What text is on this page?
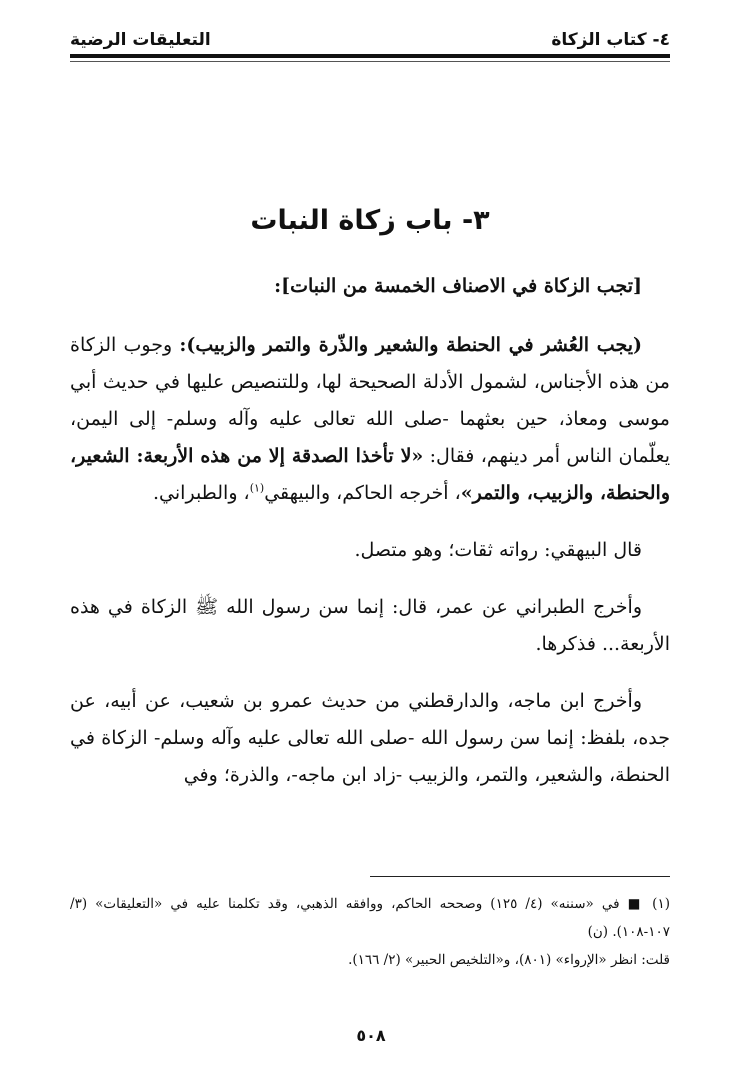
٤- كتاب الزكاة
التعليقات الرضية
٣- باب زكاة النبات

[تجب الزكاة في الاصناف الخمسة من النبات]:

(يجب العُشر في الحنطة والشعير والذّرة والتمر والزبيب): وجوب الزكاة من هذه الأجناس، لشمول الأدلة الصحيحة لها، وللتنصيص عليها في حديث أبي موسى ومعاذ، حين بعثهما -صلى الله تعالى عليه وآله وسلم- إلى اليمن، يعلّمان الناس أمر دينهم، فقال: «لا تأخذا الصدقة إلا من هذه الأربعة: الشعير، والحنطة، والزبيب، والتمر»، أخرجه الحاكم، والبيهقي$^{(١)}$، والطبراني.

قال البيهقي: رواته ثقات؛ وهو متصل.

وأخرج الطبراني عن عمر، قال: إنما سن رسول الله ﷺ الزكاة في هذه الأربعة... فذكرها.

وأخرج ابن ماجه، والدارقطني من حديث عمرو بن شعيب، عن أبيه، عن جده، بلفظ: إنما سن رسول الله -صلى الله تعالى عليه وآله وسلم- الزكاة في الحنطة، والشعير، والتمر، والزبيب -زاد ابن ماجه-، والذرة؛ وفي

(١) ■ في «سننه» (٤/ ١٢٥) وصححه الحاكم، ووافقه الذهبي، وقد تكلمنا عليه في «التعليقات» (٣/ ١٠٧-١٠٨). (ن)

قلت: انظر «الإرواء» (٨٠١)، و«التلخيص الحبير» (٢/ ١٦٦).

٥٠٨
